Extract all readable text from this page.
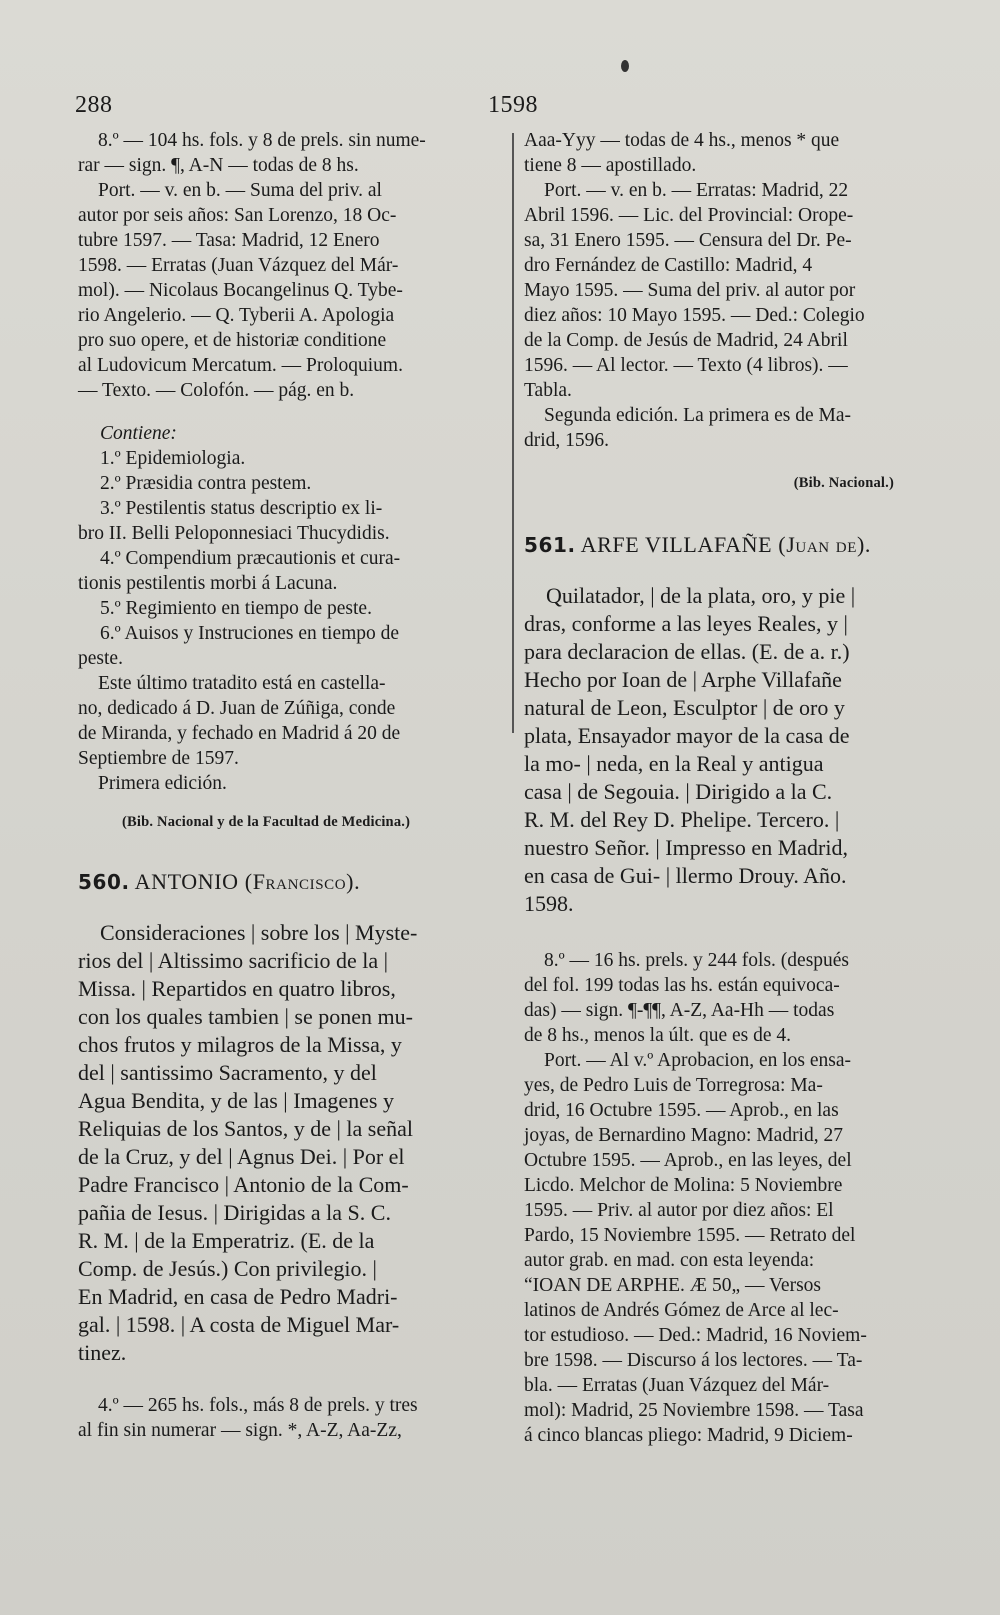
288	1598

8.º — 104 hs. fols. y 8 de prels. sin nume-

rar — sign. ¶, A-N — todas de 8 hs.

Port. — v. en b. — Suma del priv. al

autor por seis años: San Lorenzo, 18 Oc-

tubre 1597. — Tasa: Madrid, 12 Enero

1598. — Erratas (Juan Vázquez del Már-

mol). — Nicolaus Bocangelinus Q. Tybe-

rio Angelerio. — Q. Tyberii A. Apologia

pro suo opere, et de historiæ conditione

al Ludovicum Mercatum. — Proloquium.

— Texto. — Colofón. — pág. en b.

Contiene:

1.º Epidemiologia.

2.º Præsidia contra pestem.

3.º Pestilentis status descriptio ex li-

bro II. Belli Peloponnesiaci Thucydidis.

4.º Compendium præcautionis et cura-

tionis pestilentis morbi á Lacuna.

5.º Regimiento en tiempo de peste.

6.º Auisos y Instruciones en tiempo de

peste.

Este último tratadito está en castella-

no, dedicado á D. Juan de Zúñiga, conde

de Miranda, y fechado en Madrid á 20 de

Septiembre de 1597.

Primera edición.

(Bib. Nacional y de la Facultad de Medicina.)

560. ANTONIO (Francisco).

Consideraciones | sobre los | Myste-

rios del | Altissimo sacrificio de la |

Missa. | Repartidos en quatro libros,

con los quales tambien | se ponen mu-

chos frutos y milagros de la Missa, y

del | santissimo Sacramento, y del

Agua Bendita, y de las | Imagenes y

Reliquias de los Santos, y de | la señal

de la Cruz, y del | Agnus Dei. | Por el

Padre Francisco | Antonio de la Com-

pañia de Iesus. | Dirigidas a la S. C.

R. M. | de la Emperatriz. (E. de la

Comp. de Jesús.) Con privilegio. |

En Madrid, en casa de Pedro Madri-

gal. | 1598. | A costa de Miguel Mar-

tinez.

4.º — 265 hs. fols., más 8 de prels. y tres

al fin sin numerar — sign. *, A-Z, Aa-Zz,

Aaa-Yyy — todas de 4 hs., menos * que

tiene 8 — apostillado.

Port. — v. en b. — Erratas: Madrid, 22

Abril 1596. — Lic. del Provincial: Orope-

sa, 31 Enero 1595. — Censura del Dr. Pe-

dro Fernández de Castillo: Madrid, 4

Mayo 1595. — Suma del priv. al autor por

diez años: 10 Mayo 1595. — Ded.: Colegio

de la Comp. de Jesús de Madrid, 24 Abril

1596. — Al lector. — Texto (4 libros). —

Tabla.

Segunda edición. La primera es de Ma-

drid, 1596.

(Bib. Nacional.)

561. ARFE VILLAFAÑE (Juan de).

Quilatador, | de la plata, oro, y pie |

dras, conforme a las leyes Reales, y |

para declaracion de ellas. (E. de a. r.)

Hecho por Ioan de | Arphe Villafañe

natural de Leon, Esculptor | de oro y

plata, Ensayador mayor de la casa de

la mo- | neda, en la Real y antigua

casa | de Segouia. | Dirigido a la C.

R. M. del Rey D. Phelipe. Tercero. |

nuestro Señor. | Impresso en Madrid,

en casa de Gui- | llermo Drouy. Año.

1598.

8.º — 16 hs. prels. y 244 fols. (después

del fol. 199 todas las hs. están equivoca-

das) — sign. ¶-¶¶, A-Z, Aa-Hh — todas

de 8 hs., menos la últ. que es de 4.

Port. — Al v.º Aprobacion, en los ensa-

yes, de Pedro Luis de Torregrosa: Ma-

drid, 16 Octubre 1595. — Aprob., en las

joyas, de Bernardino Magno: Madrid, 27

Octubre 1595. — Aprob., en las leyes, del

Licdo. Melchor de Molina: 5 Noviembre

1595. — Priv. al autor por diez años: El

Pardo, 15 Noviembre 1595. — Retrato del

autor grab. en mad. con esta leyenda:

“IOAN DE ARPHE. Æ 50„ — Versos

latinos de Andrés Gómez de Arce al lec-

tor estudioso. — Ded.: Madrid, 16 Noviem-

bre 1598. — Discurso á los lectores. — Ta-

bla. — Erratas (Juan Vázquez del Már-

mol): Madrid, 25 Noviembre 1598. — Tasa

á cinco blancas pliego: Madrid, 9 Diciem-
